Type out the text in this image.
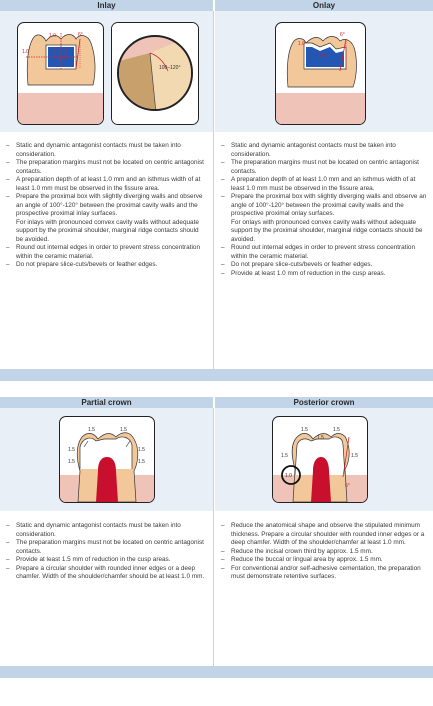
Inlay	Onlay
1.0
1.0
6°
100–120°
1.0
1.0
6°
– Static and dynamic antagonist contacts must be taken into consideration.
– The preparation margins must not be located on centric antagonist contacts.
– A preparation depth of at least 1.0 mm and an isthmus width of at least 1.0 mm must be observed in the fissure area.
– Prepare the proximal box with slightly diverging walls and observe an angle of 100°-120° between the proximal cavity walls and the prospective proximal inlay surfaces.
For inlays with pronounced convex cavity walls without adequate support by the proximal shoulder, marginal ridge contacts should be avoided.
– Round out internal edges in order to prevent stress concentration within the ceramic material.
– Do not prepare slice-cuts/bevels or feather edges.
– Static and dynamic antagonist contacts must be taken into consideration.
– The preparation margins must not be located on centric antagonist contacts.
– A preparation depth of at least 1.0 mm and an isthmus width of at least 1.0 mm must be observed in the fissure area.
– Prepare the proximal box with slightly diverging walls and observe an angle of 100°-120° between the proximal cavity walls and the prospective proximal onlay surfaces.
For onlays with pronounced convex cavity walls without adequate support by the proximal shoulder, marginal ridge contacts should be avoided.
– Round out internal edges in order to prevent stress concentration within the ceramic material.
– Do not prepare slice-cuts/bevels or feather edges.
– Provide at least 1.0 mm of reduction in the cusp areas.
Partial crown	Posterior crown
1.5	1.5
1.5	1.5
1.5	1.5
1.5	1.5
1.5
1.5	1.5
1.0
6°
– Static and dynamic antagonist contacts must be taken into consideration.
– The preparation margins must not be located on centric antagonist contacts.
– Provide at least 1.5 mm of reduction in the cusp areas.
– Prepare a circular shoulder with rounded inner edges or a deep chamfer. Width of the shoulder/chamfer should be at least 1.0 mm.
– Reduce the anatomical shape and observe the stipulated minimum thickness. Prepare a circular shoulder with rounded inner edges or a deep chamfer. Width of the shoulder/chamfer at least 1.0 mm.
– Reduce the incisal crown third by approx. 1.5 mm.
– Reduce the buccal or lingual area by approx. 1.5 mm.
– For conventional and/or self-adhesive cementation, the preparation must demonstrate retentive surfaces.
